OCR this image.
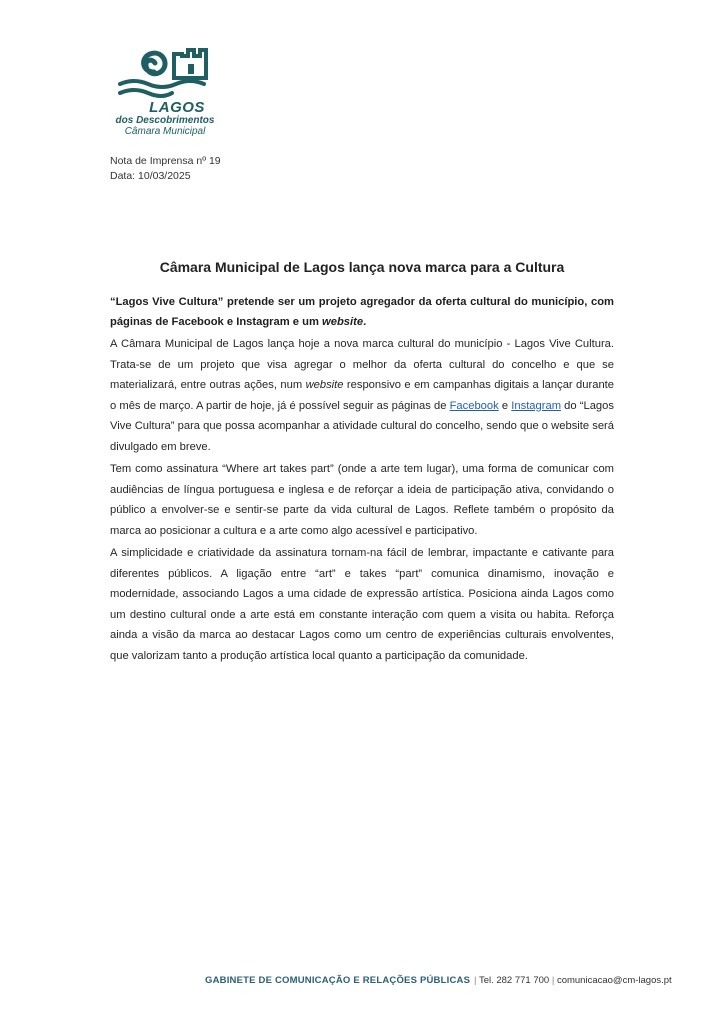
LAGOS
dos Descobrimentos
Câmara Municipal
Nota de Imprensa nº 19
Data: 10/03/2025
Câmara Municipal de Lagos lança nova marca para a Cultura
“Lagos Vive Cultura” pretende ser um projeto agregador da oferta cultural do município, com páginas de Facebook e Instagram e um website.
A Câmara Municipal de Lagos lança hoje a nova marca cultural do município - Lagos Vive Cultura. Trata-se de um projeto que visa agregar o melhor da oferta cultural do concelho e que se materializará, entre outras ações, num website responsivo e em campanhas digitais a lançar durante o mês de março. A partir de hoje, já é possível seguir as páginas de Facebook e Instagram do “Lagos Vive Cultura” para que possa acompanhar a atividade cultural do concelho, sendo que o website será divulgado em breve.
Tem como assinatura “Where art takes part” (onde a arte tem lugar), uma forma de comunicar com audiências de língua portuguesa e inglesa e de reforçar a ideia de participação ativa, convidando o público a envolver-se e sentir-se parte da vida cultural de Lagos. Reflete também o propósito da marca ao posicionar a cultura e a arte como algo acessível e participativo.
A simplicidade e criatividade da assinatura tornam-na fácil de lembrar, impactante e cativante para diferentes públicos. A ligação entre “art” e takes “part” comunica dinamismo, inovação e modernidade, associando Lagos a uma cidade de expressão artística. Posiciona ainda Lagos como um destino cultural onde a arte está em constante interação com quem a visita ou habita. Reforça ainda a visão da marca ao destacar Lagos como um centro de experiências culturais envolventes, que valorizam tanto a produção artística local quanto a participação da comunidade.
GABINETE DE COMUNICAÇÃO E RELAÇÕES PÚBLICAS | Tel. 282 771 700 | comunicacao@cm-lagos.pt
